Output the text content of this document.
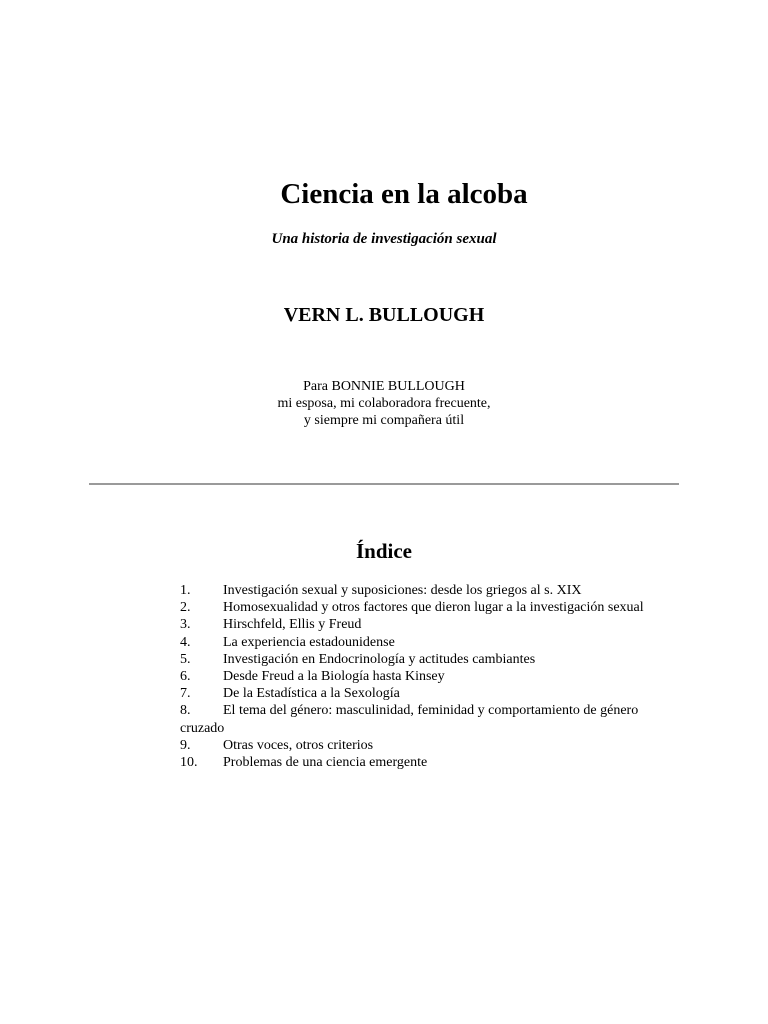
Ciencia en la alcoba
Una historia de investigación sexual
VERN L. BULLOUGH
Para BONNIE BULLOUGH
mi esposa, mi colaboradora frecuente,
y siempre mi compañera útil
Índice
1. Investigación sexual y suposiciones: desde los griegos al s. XIX
2. Homosexualidad y otros factores que dieron lugar a la investigación sexual
3. Hirschfeld, Ellis y Freud
4. La experiencia estadounidense
5. Investigación en Endocrinología y actitudes cambiantes
6. Desde Freud a la Biología hasta Kinsey
7. De la Estadística a la Sexología
8. El tema del género: masculinidad, feminidad y comportamiento de género cruzado
9. Otras voces, otros criterios
10. Problemas de una ciencia emergente
